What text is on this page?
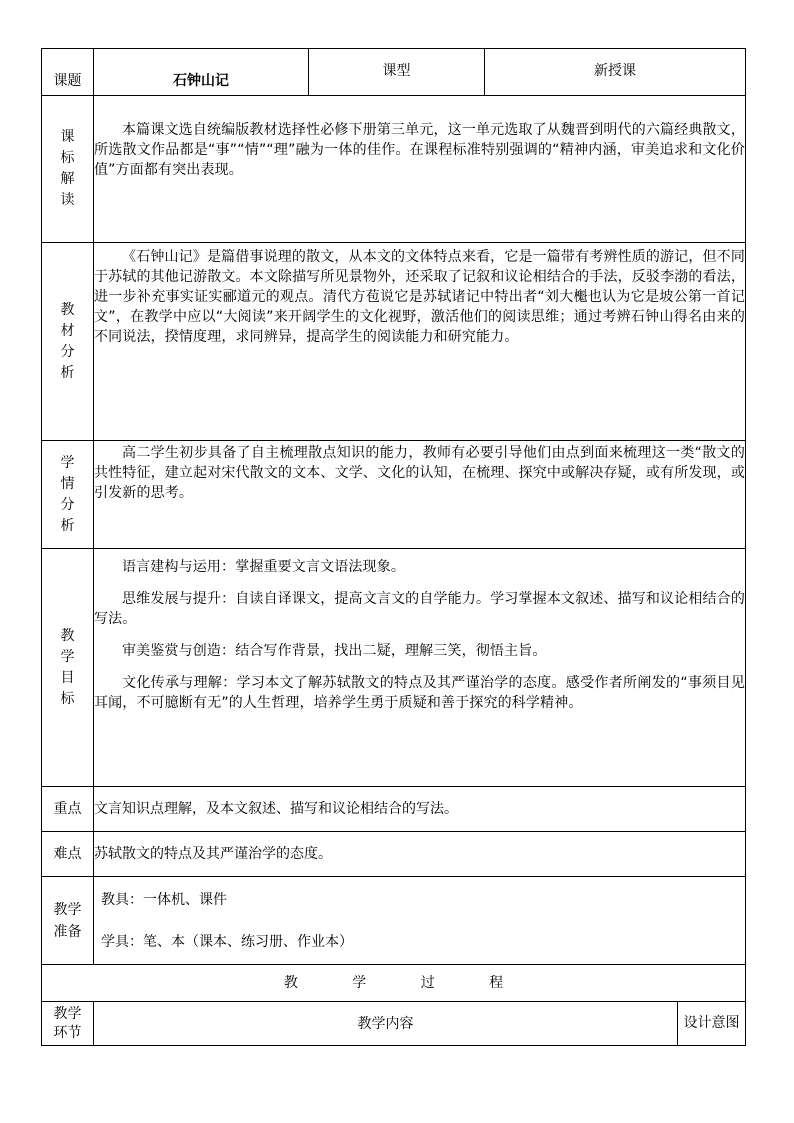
课题	石钟山记	课型	新授课	

课标解读	本篇课文选自统编版教材选择性必修下册第三单元，这一单元选取了从魏晋到明代的六篇经典散文，所选散文作品都是“事”“情”“理”融为一体的佳作。在课程标准特别强调的“精神内涵，审美追求和文化价值”方面都有突出表现。			

教材分析	《石钟山记》是篇借事说理的散文，从本文的文体特点来看，它是一篇带有考辨性质的游记，但不同于苏轼的其他记游散文。本文除描写所见景物外，还采取了记叙和议论相结合的手法，反驳李渤的看法，进一步补充事实证实郦道元的观点。清代方苞说它是苏轼诸记中特出者“刘大櫆也认为它是坡公第一首记文”，在教学中应以“大阅读”来开阔学生的文化视野，激活他们的阅读思维；通过考辨石钟山得名由来的不同说法，揆情度理，求同辨异，提高学生的阅读能力和研究能力。			

学情分析	高二学生初步具备了自主梳理散点知识的能力，教师有必要引导他们由点到面来梳理这一类“散文的共性特征，建立起对宋代散文的文本、文学、文化的认知，在梳理、探究中或解决存疑，或有所发现，或引发新的思考。			

教学目标	语言建构与运用：掌握重要文言文语法现象。

思维发展与提升：自读自译课文，提高文言文的自学能力。学习掌握本文叙述、描写和议论相结合的写法。

审美鉴赏与创造：结合写作背景，找出二疑，理解三笑，彻悟主旨。

文化传承与理解：学习本文了解苏轼散文的特点及其严谨治学的态度。感受作者所阐发的“事须目见耳闻，不可臆断有无”的人生哲理，培养学生勇于质疑和善于探究的科学精神。			

重点	文言知识点理解，及本文叙述、描写和议论相结合的写法。			
难点	苏轼散文的特点及其严谨治学的态度。			

教学准备	教具：一体机、课件
学具：笔、本（课本、练习册、作业本）			

教 学 过 程				

教学环节	教学内容			设计意图
